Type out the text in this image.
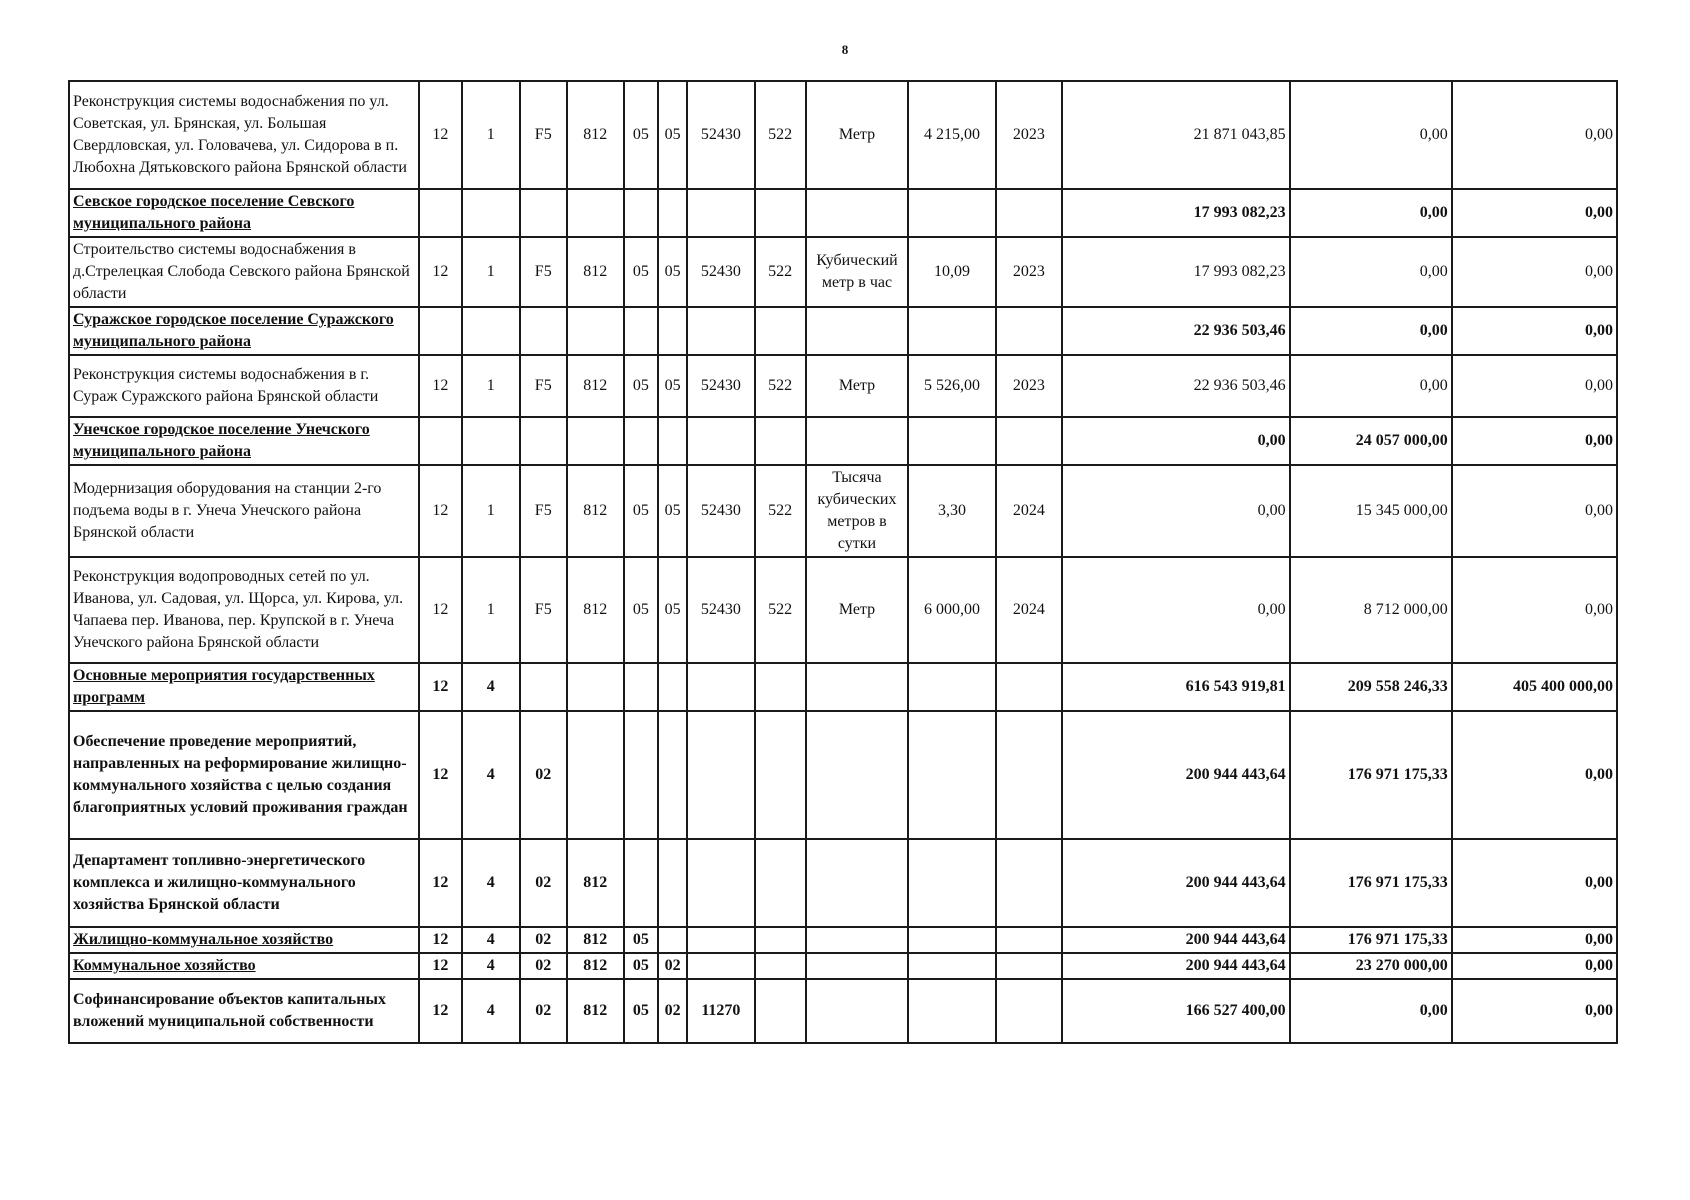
8
Реконструкция системы водоснабжения по ул. Советская, ул. Брянская, ул. Большая Свердловская, ул. Головачева, ул. Сидорова в п. Любохна Дятьковского района Брянской области	12	1	F5	812	05	05	52430	522	Метр	4 215,00	2023	21 871 043,85	0,00	0,00
Севское городское поселение Севского муниципального района												17 993 082,23	0,00	0,00
Строительство системы водоснабжения в д.Стрелецкая Слобода Севского района Брянской области	12	1	F5	812	05	05	52430	522	Кубический метр в час	10,09	2023	17 993 082,23	0,00	0,00
Суражское городское поселение Суражского муниципального района												22 936 503,46	0,00	0,00
Реконструкция системы водоснабжения в г. Сураж Суражского района Брянской области	12	1	F5	812	05	05	52430	522	Метр	5 526,00	2023	22 936 503,46	0,00	0,00
Унечское городское поселение Унечского муниципального района												0,00	24 057 000,00	0,00
Модернизация оборудования на станции 2-го подъема воды в г. Унеча Унечского района Брянской области	12	1	F5	812	05	05	52430	522	Тысяча кубических метров в сутки	3,30	2024	0,00	15 345 000,00	0,00
Реконструкция водопроводных сетей по ул. Иванова, ул. Садовая, ул. Щорса, ул. Кирова, ул. Чапаева пер. Иванова, пер. Крупской в г. Унеча Унечского района Брянской области	12	1	F5	812	05	05	52430	522	Метр	6 000,00	2024	0,00	8 712 000,00	0,00
Основные мероприятия государственных программ	12	4										616 543 919,81	209 558 246,33	405 400 000,00
Обеспечение проведение мероприятий, направленных на реформирование жилищно-коммунального хозяйства с целью создания благоприятных условий проживания граждан	12	4	02									200 944 443,64	176 971 175,33	0,00
Департамент топливно-энергетического комплекса и жилищно-коммунального хозяйства Брянской области	12	4	02	812								200 944 443,64	176 971 175,33	0,00
Жилищно-коммунальное хозяйство	12	4	02	812	05							200 944 443,64	176 971 175,33	0,00
Коммунальное хозяйство	12	4	02	812	05	02						200 944 443,64	23 270 000,00	0,00
Софинансирование объектов капитальных вложений муниципальной собственности	12	4	02	812	05	02	11270					166 527 400,00	0,00	0,00
